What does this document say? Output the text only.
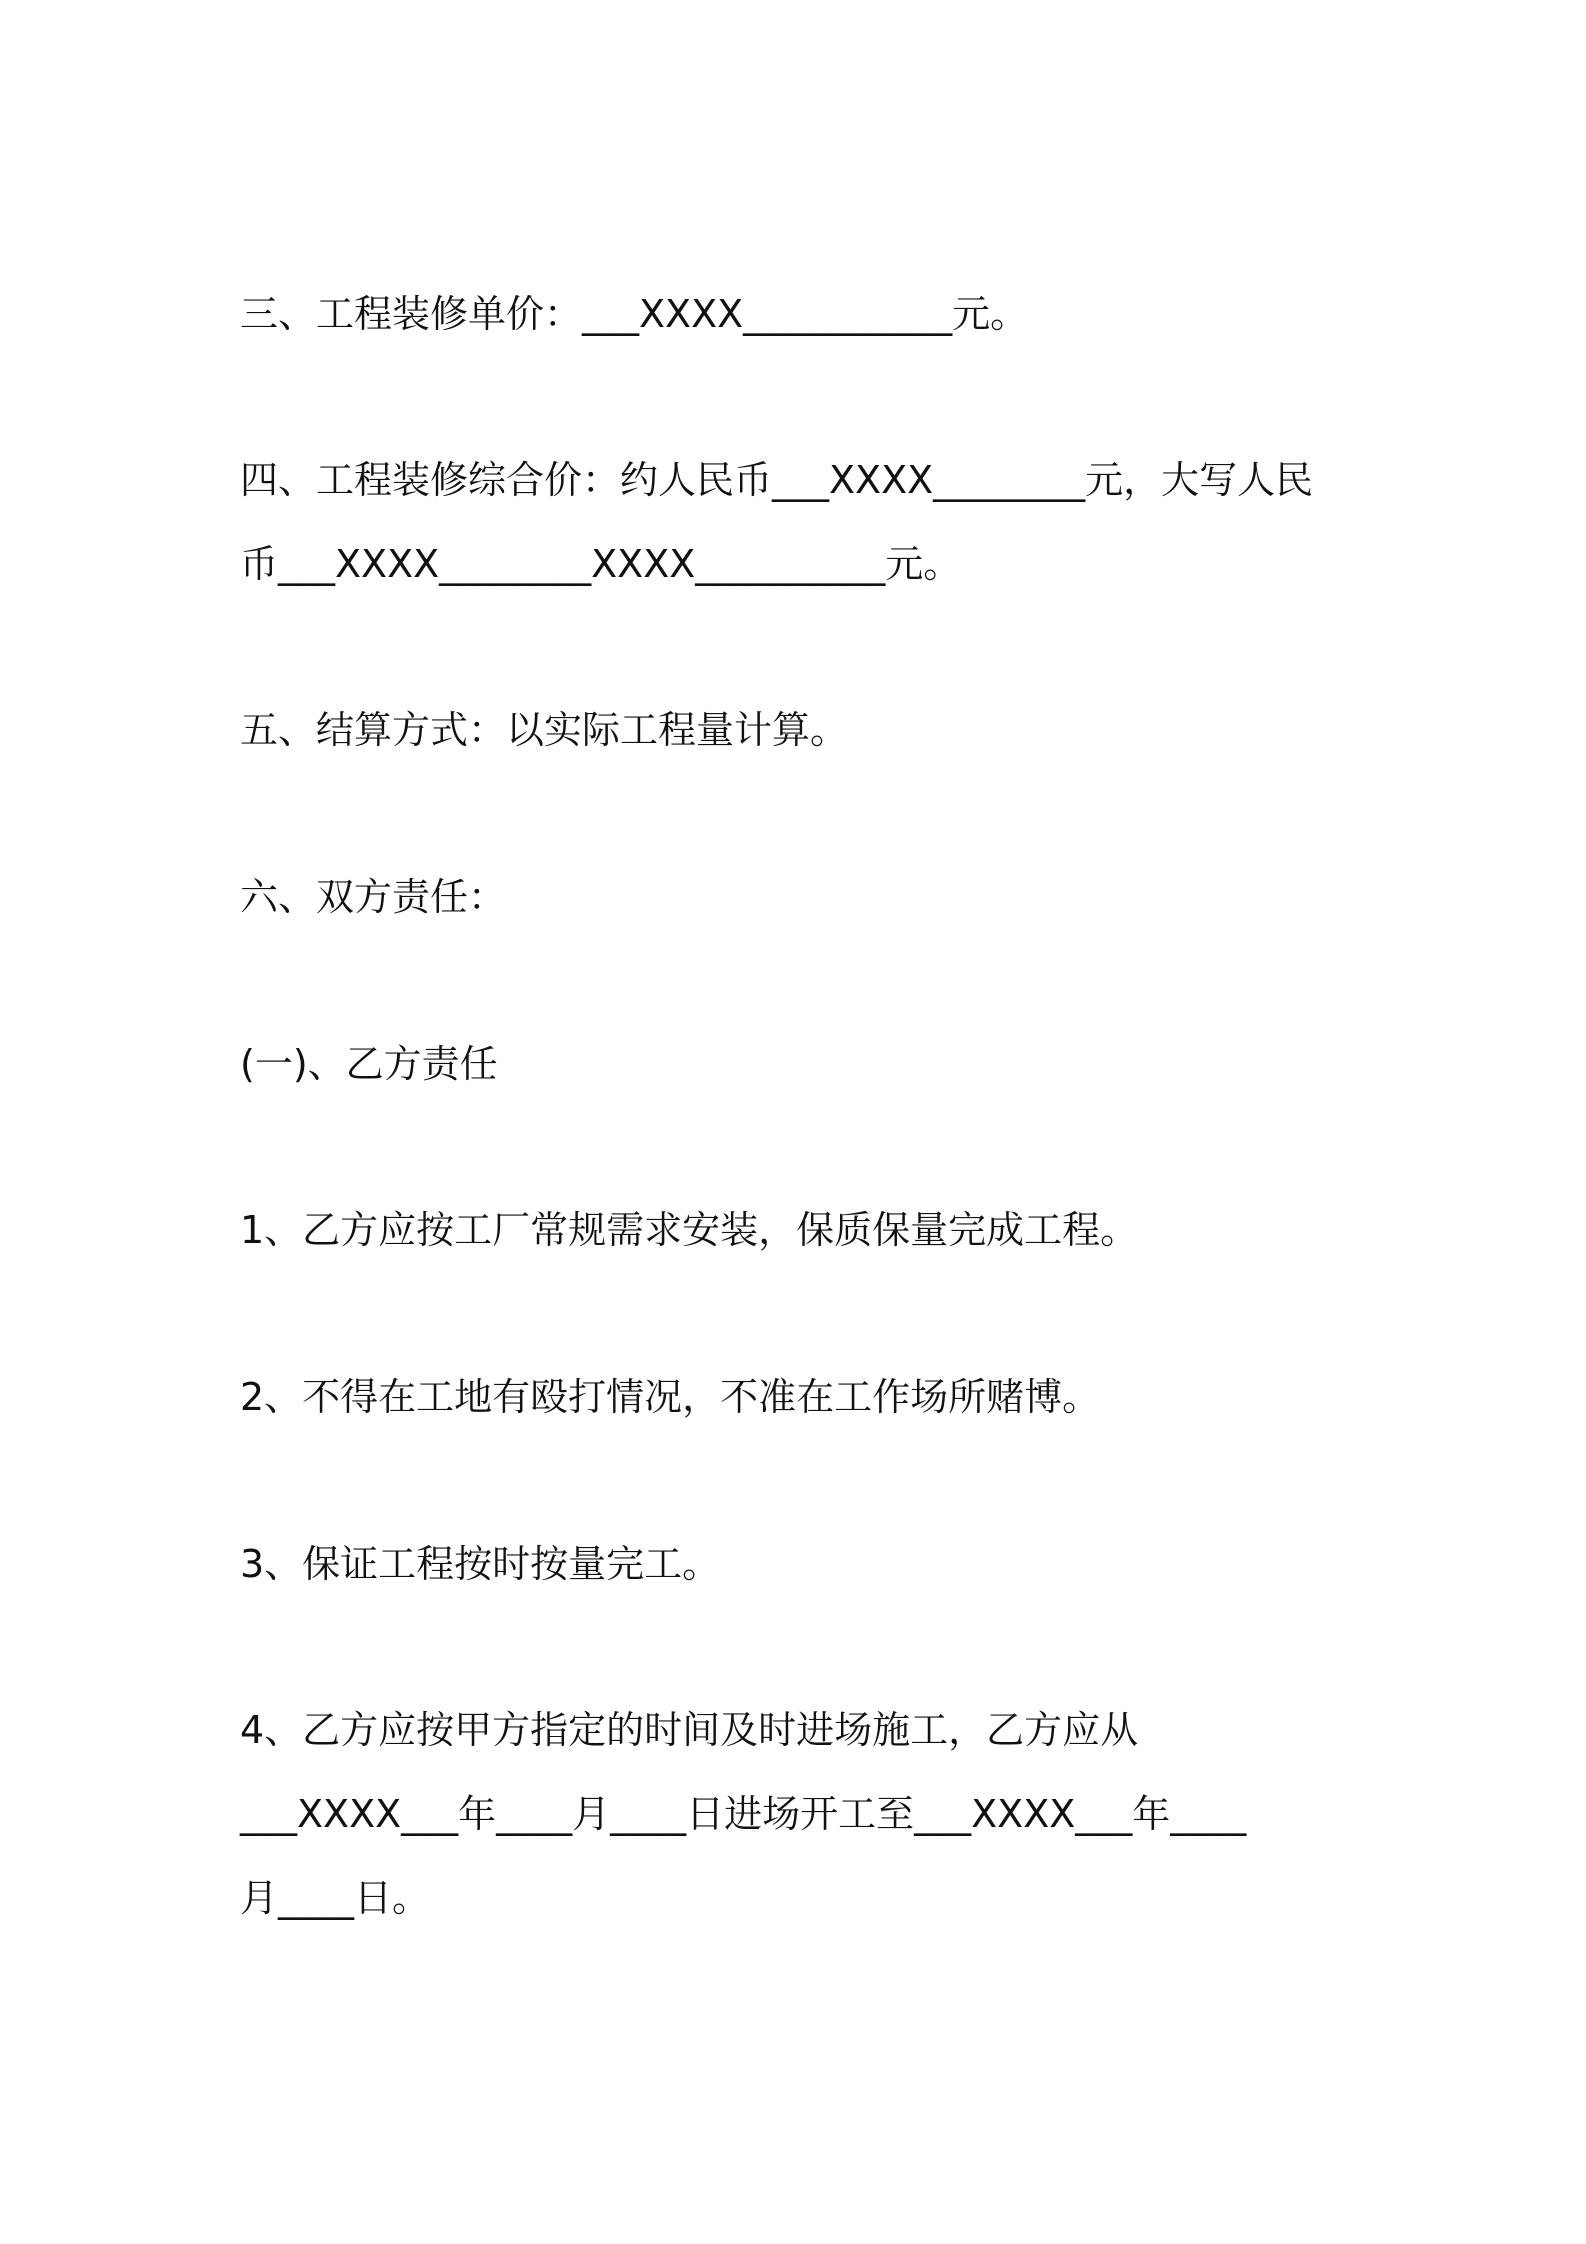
三、工程装修单价：___XXXX___________元。

四、工程装修综合价：约人民币___XXXX________元，大写人民
币___XXXX________XXXX__________元。

五、结算方式：以实际工程量计算。

六、双方责任：

(一)、乙方责任

1、乙方应按工厂常规需求安装，保质保量完成工程。

2、不得在工地有殴打情况，不准在工作场所赌博。

3、保证工程按时按量完工。

4、乙方应按甲方指定的时间及时进场施工，乙方应从
___XXXX___年____月____日进场开工至___XXXX___年____
月____日。
